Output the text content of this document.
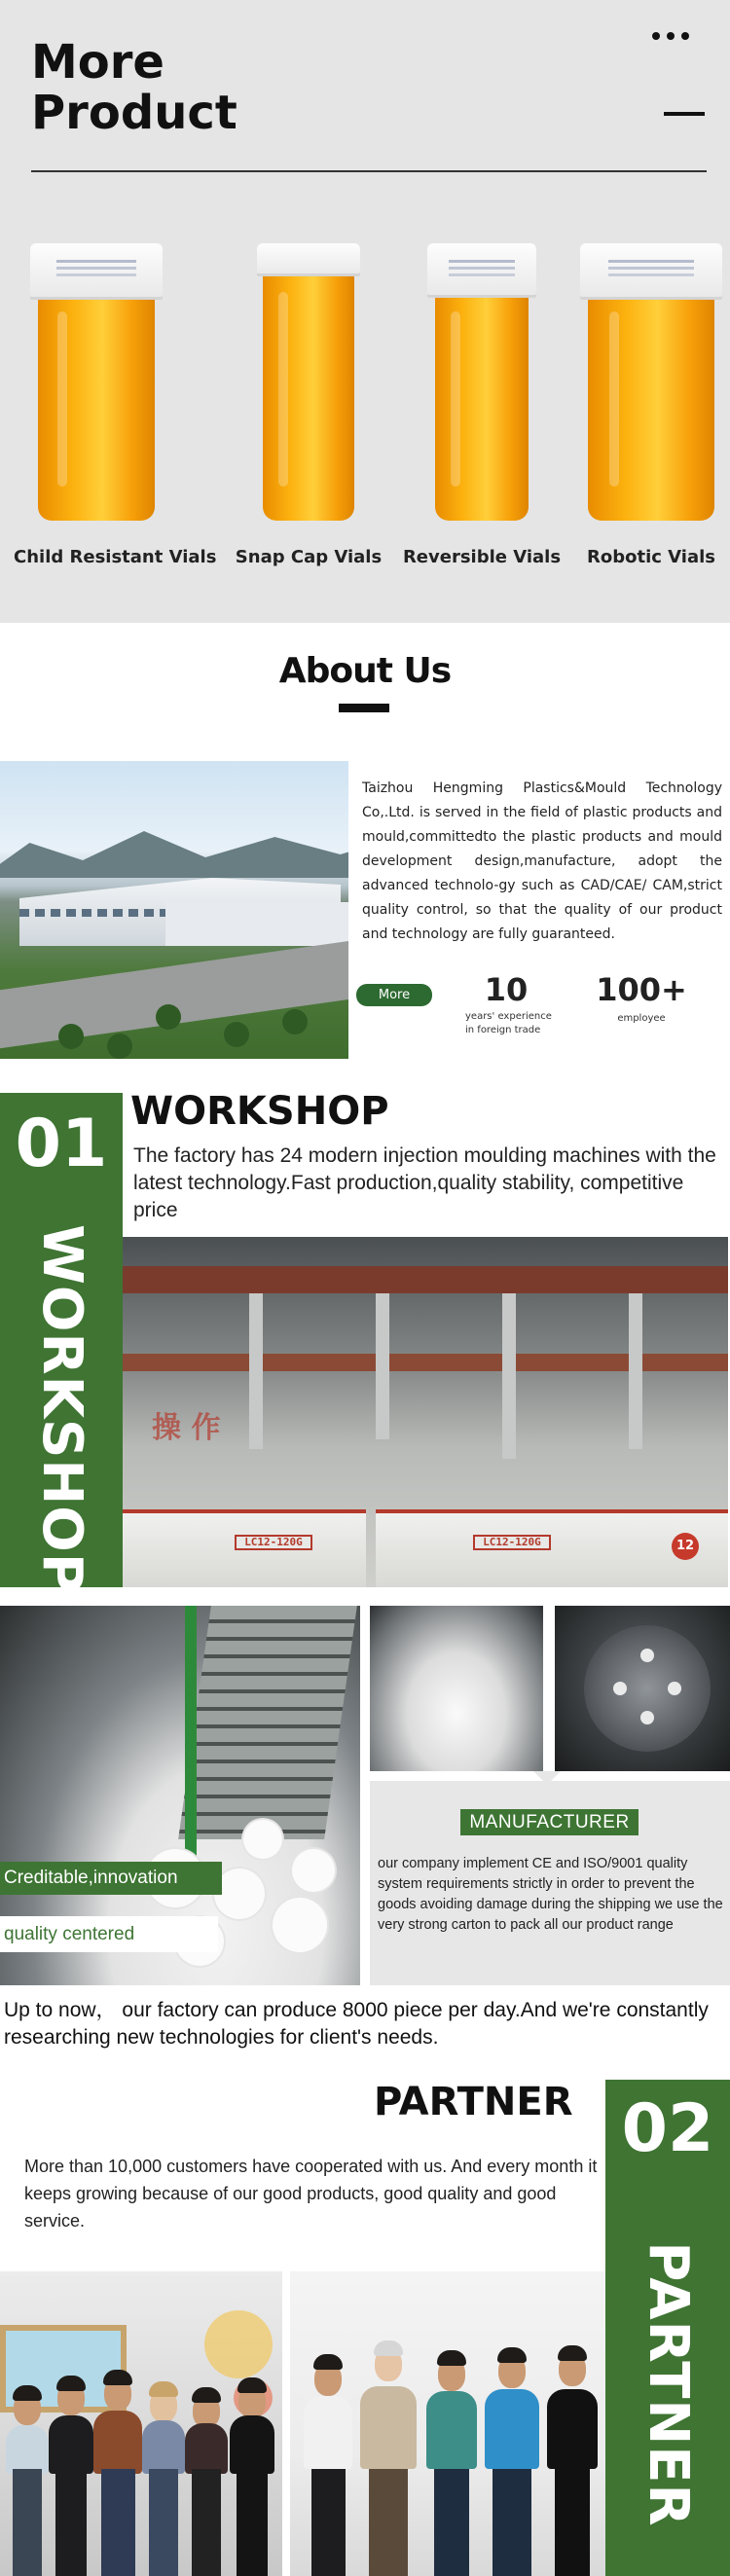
More
Product
Child Resistant Vials	Snap Cap Vials	Reversible Vials	Robotic Vials
About Us

Taizhou Hengming Plastics&Mould Technology Co,.Ltd. is served in the field of plastic products and mould,committedto the plastic products and mould development design,manufacture, adopt the advanced technolo-gy such as CAD/CAE/ CAM,strict quality control, so that the quality of our product and technology are fully guaranteed.

More	10
years' experience
in foreign trade
100+
employee
01
WORKSHOP
WORKSHOP

The factory has 24 modern injection moulding machines with the latest technology.Fast production,quality stability, competitive price

操 作
LC12-120G	LC12-120G	12
Creditable,innovation
quality centered
MANUFACTURER

our company implement CE and ISO/9001 quality system requirements strictly in order to prevent the goods avoiding damage during the shipping we use the very strong carton to pack all our product range

Up to now， our factory can produce 8000 piece per day.And we're constantly researching new technologies for client's needs.

PARTNER 02
PARTNER

More than 10,000 customers have cooperated with us. And every month it keeps growing because of our good products, good quality and good service.
